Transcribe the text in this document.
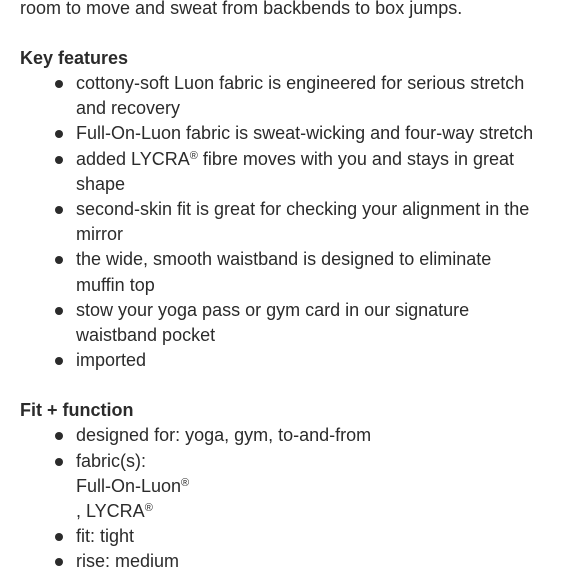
room to move and sweat from backbends to box jumps.

Key features
cottony-soft Luon fabric is engineered for serious stretch
and recovery
Full-On-Luon fabric is sweat-wicking and four-way stretch
added LYCRA® fibre moves with you and stays in great
shape
second-skin fit is great for checking your alignment in the
mirror
the wide, smooth waistband is designed to eliminate
muffin top
stow your yoga pass or gym card in our signature
waistband pocket
imported
Fit + function
designed for: yoga, gym, to-and-from
fabric(s):
Full-On-Luon®
, LYCRA®
fit: tight
rise: medium
